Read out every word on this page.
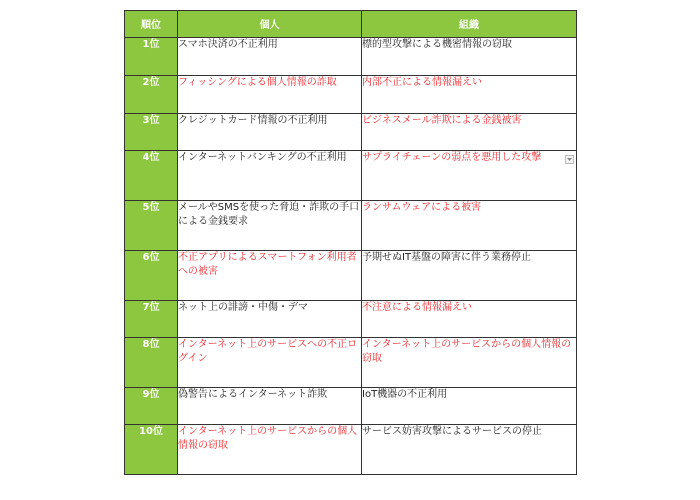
順位	個人	組織
1位	スマホ決済の不正利用	標的型攻撃による機密情報の窃取
2位	フィッシングによる個人情報の詐取	内部不正による情報漏えい
3位	クレジットカード情報の不正利用	ビジネスメール詐欺による金銭被害
4位	インターネットバンキングの不正利用	サプライチェーンの弱点を悪用した攻撃

5位	メールやSMSを使った脅迫・詐欺の手口による金銭要求	ランサムウェアによる被害
6位	不正アプリによるスマートフォン利用者への被害	予期せぬIT基盤の障害に伴う業務停止
7位	ネット上の誹謗・中傷・デマ	不注意による情報漏えい
8位	インターネット上のサービスへの不正ログイン	インターネット上のサービスからの個人情報の窃取
9位	偽警告によるインターネット詐欺	IoT機器の不正利用
10位	インターネット上のサービスからの個人情報の窃取	サービス妨害攻撃によるサービスの停止
